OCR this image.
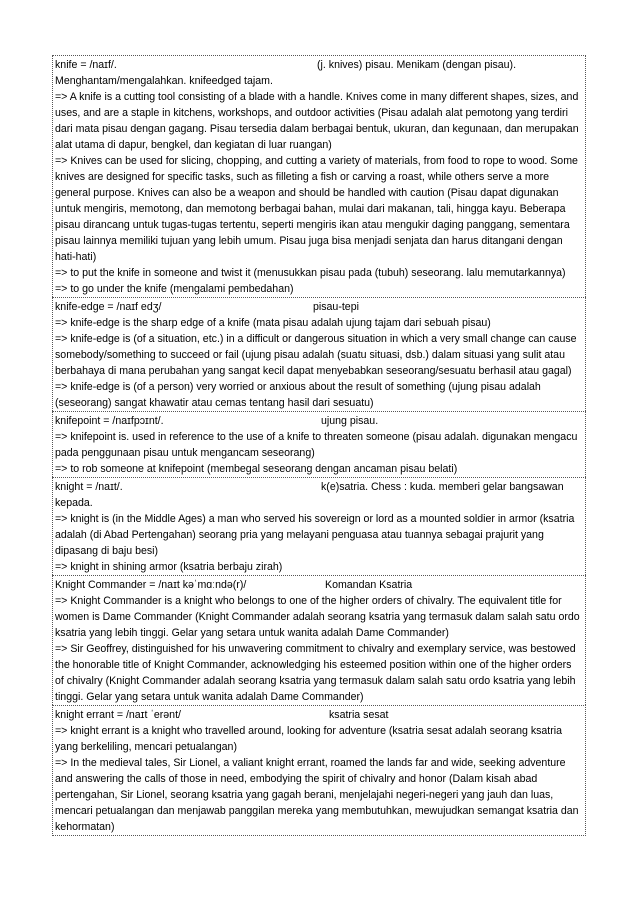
knife = /naɪf/.	(j. knives) pisau. Menikam (dengan pisau).

Menghantam/mengalahkan. knifeedged tajam.

=> A knife is a cutting tool consisting of a blade with a handle. Knives come in many different shapes, sizes, and uses, and are a staple in kitchens, workshops, and outdoor activities (Pisau adalah alat pemotong yang terdiri dari mata pisau dengan gagang. Pisau tersedia dalam berbagai bentuk, ukuran, dan kegunaan, dan merupakan alat utama di dapur, bengkel, dan kegiatan di luar ruangan)

=> Knives can be used for slicing, chopping, and cutting a variety of materials, from food to rope to wood. Some knives are designed for specific tasks, such as filleting a fish or carving a roast, while others serve a more general purpose. Knives can also be a weapon and should be handled with caution (Pisau dapat digunakan untuk mengiris, memotong, dan memotong berbagai bahan, mulai dari makanan, tali, hingga kayu. Beberapa pisau dirancang untuk tugas-tugas tertentu, seperti mengiris ikan atau mengukir daging panggang, sementara pisau lainnya memiliki tujuan yang lebih umum. Pisau juga bisa menjadi senjata dan harus ditangani dengan hati-hati)

=> to put the knife in someone and twist it (menusukkan pisau pada (tubuh) seseorang. lalu memutarkannya)

=> to go under the knife (mengalami pembedahan)

knife-edge = /naɪf edʒ/	pisau-tepi

=> knife-edge is the sharp edge of a knife (mata pisau adalah ujung tajam dari sebuah pisau)

=> knife-edge is (of a situation, etc.) in a difficult or dangerous situation in which a very small change can cause somebody/something to succeed or fail (ujung pisau adalah (suatu situasi, dsb.) dalam situasi yang sulit atau berbahaya di mana perubahan yang sangat kecil dapat menyebabkan seseorang/sesuatu berhasil atau gagal)

=> knife-edge is (of a person) very worried or anxious about the result of something (ujung pisau adalah (seseorang) sangat khawatir atau cemas tentang hasil dari sesuatu)

knifepoint = /naɪfpɔɪnt/.	ujung pisau.

=> knifepoint is. used in reference to the use of a knife to threaten someone (pisau adalah. digunakan mengacu pada penggunaan pisau untuk mengancam seseorang)

=> to rob someone at knifepoint (membegal seseorang dengan ancaman pisau belati)

knight = /naɪt/.	k(e)satria. Chess : kuda. memberi gelar bangsawan

kepada.

=> knight is (in the Middle Ages) a man who served his sovereign or lord as a mounted soldier in armor (ksatria adalah (di Abad Pertengahan) seorang pria yang melayani penguasa atau tuannya sebagai prajurit yang dipasang di baju besi)

=> knight in shining armor (ksatria berbaju zirah)

Knight Commander = /naɪt kəˈmɑːndə(r)/	Komandan Ksatria

=> Knight Commander is a knight who belongs to one of the higher orders of chivalry. The equivalent title for women is Dame Commander (Knight Commander adalah seorang ksatria yang termasuk dalam salah satu ordo ksatria yang lebih tinggi. Gelar yang setara untuk wanita adalah Dame Commander)

=> Sir Geoffrey, distinguished for his unwavering commitment to chivalry and exemplary service, was bestowed the honorable title of Knight Commander, acknowledging his esteemed position within one of the higher orders of chivalry (Knight Commander adalah seorang ksatria yang termasuk dalam salah satu ordo ksatria yang lebih tinggi. Gelar yang setara untuk wanita adalah Dame Commander)

knight errant = /naɪt ˈerənt/	ksatria sesat

=> knight errant is a knight who travelled around, looking for adventure (ksatria sesat adalah seorang ksatria yang berkeliling, mencari petualangan)

=> In the medieval tales, Sir Lionel, a valiant knight errant, roamed the lands far and wide, seeking adventure and answering the calls of those in need, embodying the spirit of chivalry and honor (Dalam kisah abad pertengahan, Sir Lionel, seorang ksatria yang gagah berani, menjelajahi negeri-negeri yang jauh dan luas, mencari petualangan dan menjawab panggilan mereka yang membutuhkan, mewujudkan semangat ksatria dan kehormatan)
